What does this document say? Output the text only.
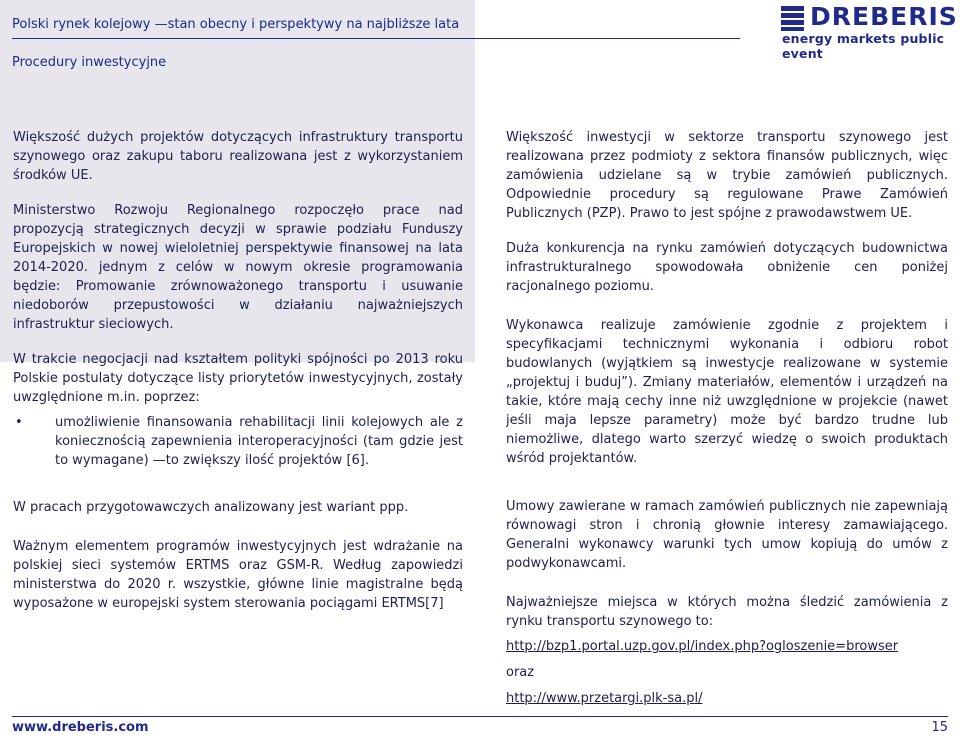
Polski rynek kolejowy —stan obecny i perspektywy na najbliższe lata
Procedury inwestycyjne
DREBERIS
energy markets public event

Większość dużych projektów dotyczących infrastruktury transportu szynowego oraz zakupu taboru realizowana jest z wykorzystaniem środków UE.

Ministerstwo Rozwoju Regionalnego rozpoczęło prace nad propozycją strategicznych decyzji w sprawie podziału Funduszy Europejskich w nowej wieloletniej perspektywie finansowej na lata 2014-2020. jednym z celów w nowym okresie programowania będzie: Promowanie zrównoważonego transportu i usuwanie niedoborów przepustowości w działaniu najważniejszych infrastruktur sieciowych.

W trakcie negocjacji nad kształtem polityki spójności po 2013 roku Polskie postulaty dotyczące listy priorytetów inwestycyjnych, zostały uwzględnione m.in. poprzez:

•	umożliwienie finansowania rehabilitacji linii kolejowych ale z koniecznością zapewnienia interoperacyjności (tam gdzie jest to wymagane) —to zwiększy ilość projektów [6].

W pracach przygotowawczych analizowany jest wariant ppp.

Ważnym elementem programów inwestycyjnych jest wdrażanie na polskiej sieci systemów ERTMS oraz GSM-R. Według zapowiedzi ministerstwa do 2020 r. wszystkie, główne linie magistralne będą wyposażone w europejski system sterowania pociągami ERTMS[7]

Większość inwestycji w sektorze transportu szynowego jest realizowana przez podmioty z sektora finansów publicznych, więc zamówienia udzielane są w trybie zamówień publicznych. Odpowiednie procedury są regulowane Prawe Zamówień Publicznych (PZP). Prawo to jest spójne z prawodawstwem UE.

Duża konkurencja na rynku zamówień dotyczących budownictwa infrastrukturalnego spowodowała obniżenie cen poniżej racjonalnego poziomu.

Wykonawca realizuje zamówienie zgodnie z projektem i specyfikacjami technicznymi wykonania i odbioru robot budowlanych (wyjątkiem są inwestycje realizowane w systemie „projektuj i buduj”). Zmiany materiałów, elementów i urządzeń na takie, które mają cechy inne niż uwzględnione w projekcie (nawet jeśli maja lepsze parametry) może być bardzo trudne lub niemożliwe, dlatego warto szerzyć wiedzę o swoich produktach wśród projektantów.

Umowy zawierane w ramach zamówień publicznych nie zapewniają równowagi stron i chronią głownie interesy zamawiającego. Generalni wykonawcy warunki tych umow kopiują do umów z podwykonawcami.

Najważniejsze miejsca w których można śledzić zamówienia z rynku transportu szynowego to:

http://bzp1.portal.uzp.gov.pl/index.php?ogloszenie=browser

oraz

http://www.przetargi.plk-sa.pl/

www.dreberis.com	15
